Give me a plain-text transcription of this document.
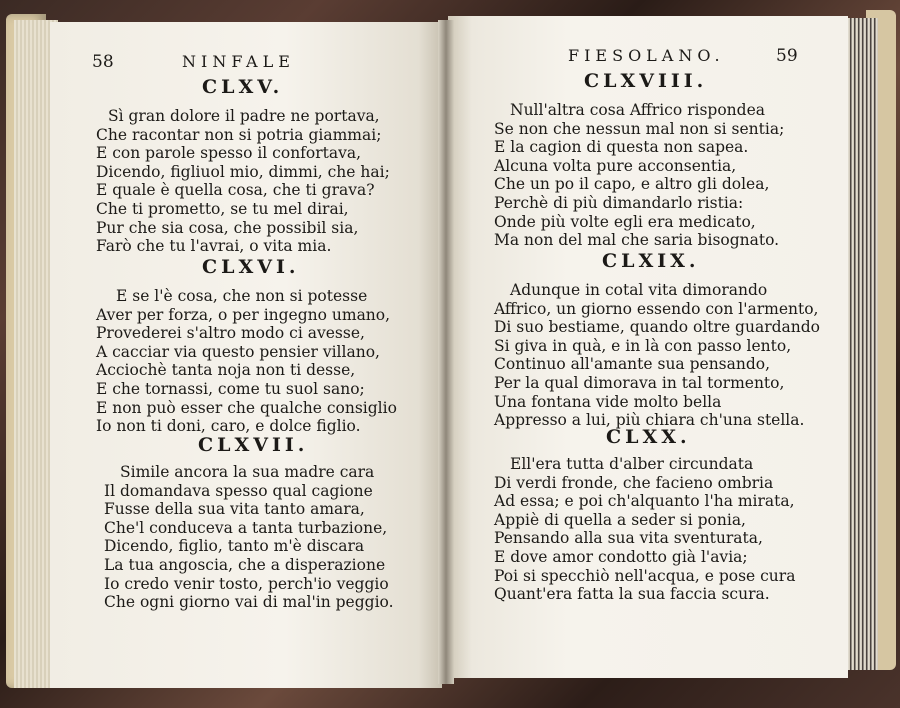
58	NINFALE
CLXV.
Sì gran dolore il padre ne portava,
Che racontar non si potria giammai;
E con parole spesso il confortava,
Dicendo, figliuol mio, dimmi, che hai;
E quale è quella cosa, che ti grava?
Che ti prometto, se tu mel dirai,
Pur che sia cosa, che possibil sia,
Farò che tu l'avrai, o vita mia.
CLXVI.
E se l'è cosa, che non si potesse
Aver per forza, o per ingegno umano,
Provederei s'altro modo ci avesse,
A cacciar via questo pensier villano,
Acciochè tanta noja non ti desse,
E che tornassi, come tu suol sano;
E non può esser che qualche consiglio
Io non ti doni, caro, e dolce figlio.
CLXVII.
Simile ancora la sua madre cara
Il domandava spesso qual cagione
Fusse della sua vita tanto amara,
Che'l conduceva a tanta turbazione,
Dicendo, figlio, tanto m'è discara
La tua angoscia, che a disperazione
Io credo venir tosto, perch'io veggio
Che ogni giorno vai di mal'in peggio.
FIESOLANO.	59
CLXVIII.
Null'altra cosa Affrico rispondea
Se non che nessun mal non si sentia;
E la cagion di questa non sapea.
Alcuna volta pure acconsentia,
Che un po il capo, e altro gli dolea,
Perchè di più dimandarlo ristia:
Onde più volte egli era medicato,
Ma non del mal che saria bisognato.
CLXIX.
Adunque in cotal vita dimorando
Affrico, un giorno essendo con l'armento,
Di suo bestiame, quando oltre guardando
Si giva in quà, e in là con passo lento,
Continuo all'amante sua pensando,
Per la qual dimorava in tal tormento,
Una fontana vide molto bella
Appresso a lui, più chiara ch'una stella.
CLXX.
Ell'era tutta d'alber circundata
Di verdi fronde, che facieno ombria
Ad essa; e poi ch'alquanto l'ha mirata,
Appiè di quella a seder si ponia,
Pensando alla sua vita sventurata,
E dove amor condotto già l'avia;
Poi si specchiò nell'acqua, e pose cura
Quant'era fatta la sua faccia scura.
